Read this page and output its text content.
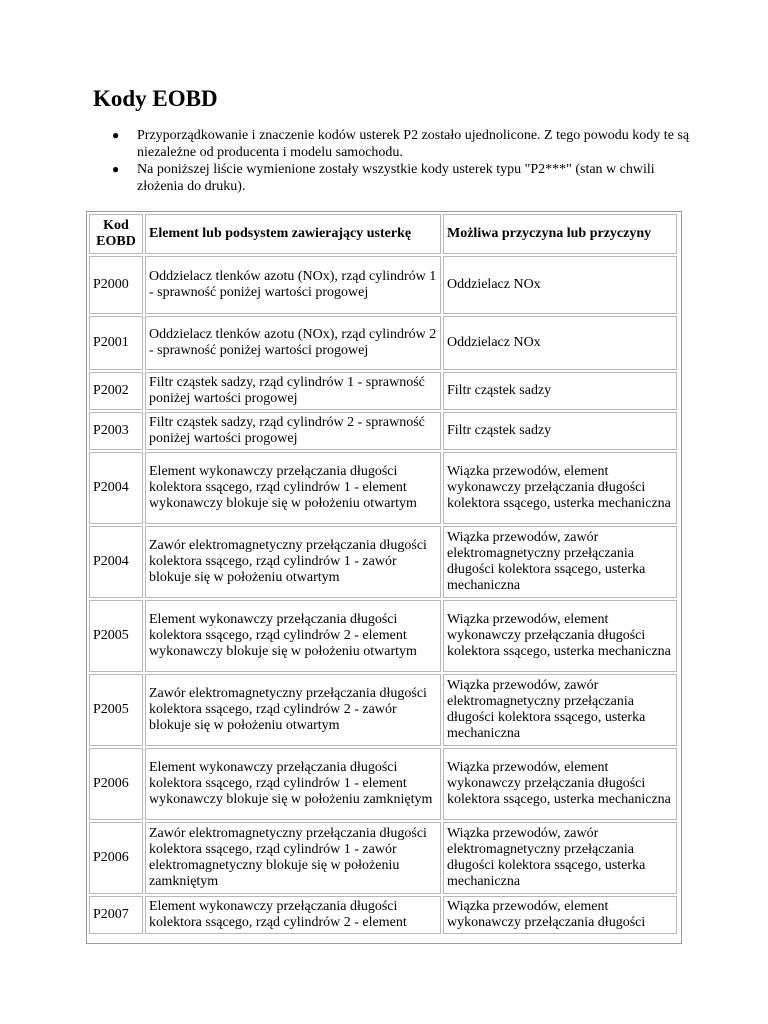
Kody EOBD
● Przyporządkowanie i znaczenie kodów usterek P2 zostało ujednolicone. Z tego powodu kody te są niezależne od producenta i modelu samochodu.
● Na poniższej liście wymienione zostały wszystkie kody usterek typu "P2***" (stan w chwili złożenia do druku).
Kod EOBD	Element lub podsystem zawierający usterkę	Możliwa przyczyna lub przyczyny
P2000	Oddzielacz tlenków azotu (NOx), rząd cylindrów 1 - sprawność poniżej wartości progowej	Oddzielacz NOx
P2001	Oddzielacz tlenków azotu (NOx), rząd cylindrów 2 - sprawność poniżej wartości progowej	Oddzielacz NOx
P2002	Filtr cząstek sadzy, rząd cylindrów 1 - sprawność poniżej wartości progowej	Filtr cząstek sadzy
P2003	Filtr cząstek sadzy, rząd cylindrów 2 - sprawność poniżej wartości progowej	Filtr cząstek sadzy
P2004	Element wykonawczy przełączania długości kolektora ssącego, rząd cylindrów 1 - element wykonawczy blokuje się w położeniu otwartym	Wiązka przewodów, element wykonawczy przełączania długości kolektora ssącego, usterka mechaniczna
P2004	Zawór elektromagnetyczny przełączania długości kolektora ssącego, rząd cylindrów 1 - zawór blokuje się w położeniu otwartym	Wiązka przewodów, zawór elektromagnetyczny przełączania długości kolektora ssącego, usterka mechaniczna
P2005	Element wykonawczy przełączania długości kolektora ssącego, rząd cylindrów 2 - element wykonawczy blokuje się w położeniu otwartym	Wiązka przewodów, element wykonawczy przełączania długości kolektora ssącego, usterka mechaniczna
P2005	Zawór elektromagnetyczny przełączania długości kolektora ssącego, rząd cylindrów 2 - zawór blokuje się w położeniu otwartym	Wiązka przewodów, zawór elektromagnetyczny przełączania długości kolektora ssącego, usterka mechaniczna
P2006	Element wykonawczy przełączania długości kolektora ssącego, rząd cylindrów 1 - element wykonawczy blokuje się w położeniu zamkniętym	Wiązka przewodów, element wykonawczy przełączania długości kolektora ssącego, usterka mechaniczna
P2006	Zawór elektromagnetyczny przełączania długości kolektora ssącego, rząd cylindrów 1 - zawór elektromagnetyczny blokuje się w położeniu zamkniętym	Wiązka przewodów, zawór elektromagnetyczny przełączania długości kolektora ssącego, usterka mechaniczna
P2007	Element wykonawczy przełączania długości kolektora ssącego, rząd cylindrów 2 - element	Wiązka przewodów, element wykonawczy przełączania długości
